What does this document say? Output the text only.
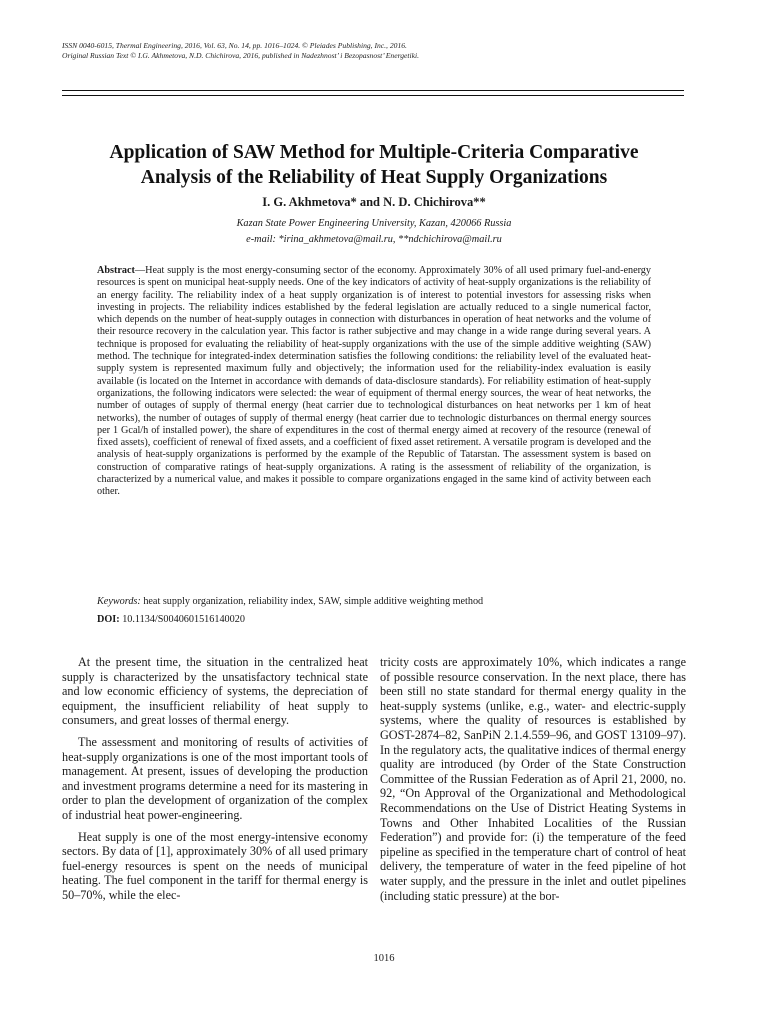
ISSN 0040-6015, Thermal Engineering, 2016, Vol. 63, No. 14, pp. 1016–1024. © Pleiades Publishing, Inc., 2016.
Original Russian Text © I.G. Akhmetova, N.D. Chichirova, 2016, published in Nadezhnost’ i Bezopasnost’ Energetiki.
Application of SAW Method for Multiple-Criteria Comparative
Analysis of the Reliability of Heat Supply Organizations
I. G. Akhmetova* and N. D. Chichirova**
Kazan State Power Engineering University, Kazan, 420066 Russia
e-mail: *irina_akhmetova@mail.ru, **ndchichirova@mail.ru
Abstract—Heat supply is the most energy-consuming sector of the economy. Approximately 30% of all used primary fuel-and-energy resources is spent on municipal heat-supply needs. One of the key indicators of activity of heat-supply organizations is the reliability of an energy facility. The reliability index of a heat supply organization is of interest to potential investors for assessing risks when investing in projects. The reliability indices established by the federal legislation are actually reduced to a single numerical factor, which depends on the number of heat-supply outages in connection with disturbances in operation of heat networks and the volume of their resource recovery in the calculation year. This factor is rather subjective and may change in a wide range during several years. A technique is proposed for evaluating the reliability of heat-supply organizations with the use of the simple additive weighting (SAW) method. The technique for integrated-index determination satisfies the following conditions: the reliability level of the evaluated heat-supply system is represented maximum fully and objectively; the information used for the reliability-index evaluation is easily available (is located on the Internet in accordance with demands of data-disclosure standards). For reliability estimation of heat-supply organizations, the following indicators were selected: the wear of equipment of thermal energy sources, the wear of heat networks, the number of outages of supply of thermal energy (heat carrier due to technological disturbances on heat networks per 1 km of heat networks), the number of outages of supply of thermal energy (heat carrier due to technologic disturbances on thermal energy sources per 1 Gcal/h of installed power), the share of expenditures in the cost of thermal energy aimed at recovery of the resource (renewal of fixed assets), coefficient of renewal of fixed assets, and a coefficient of fixed asset retirement. A versatile program is developed and the analysis of heat-supply organizations is performed by the example of the Republic of Tatarstan. The assessment system is based on construction of comparative ratings of heat-supply organizations. A rating is the assessment of reliability of the organization, is characterized by a numerical value, and makes it possible to compare organizations engaged in the same kind of activity between each other.
Keywords: heat supply organization, reliability index, SAW, simple additive weighting method
DOI: 10.1134/S0040601516140020

At the present time, the situation in the centralized heat supply is characterized by the unsatisfactory technical state and low economic efficiency of systems, the depreciation of equipment, the insufficient reliability of heat supply to consumers, and great losses of thermal energy.

The assessment and monitoring of results of activities of heat-supply organizations is one of the most important tools of management. At present, issues of developing the production and investment programs determine a need for its mastering in order to plan the development of organization of the complex of industrial heat power-engineering.

Heat supply is one of the most energy-intensive economy sectors. By data of [1], approximately 30% of all used primary fuel-energy resources is spent on the needs of municipal heating. The fuel component in the tariff for thermal energy is 50–70%, while the elec-

tricity costs are approximately 10%, which indicates a range of possible resource conservation. In the next place, there has been still no state standard for thermal energy quality in the heat-supply systems (unlike, e.g., water- and electric-supply systems, where the quality of resources is established by GOST-2874–82, SanPiN 2.1.4.559–96, and GOST 13109–97). In the regulatory acts, the qualitative indices of thermal energy quality are introduced (by Order of the State Construction Committee of the Russian Federation as of April 21, 2000, no. 92, “On Approval of the Organizational and Methodological Recommendations on the Use of District Heating Systems in Towns and Other Inhabited Localities of the Russian Federation”) and provide for: (i) the temperature of the feed pipeline as specified in the temperature chart of control of heat delivery, the temperature of water in the feed pipeline of hot water supply, and the pressure in the inlet and outlet pipelines (including static pressure) at the bor-

1016
